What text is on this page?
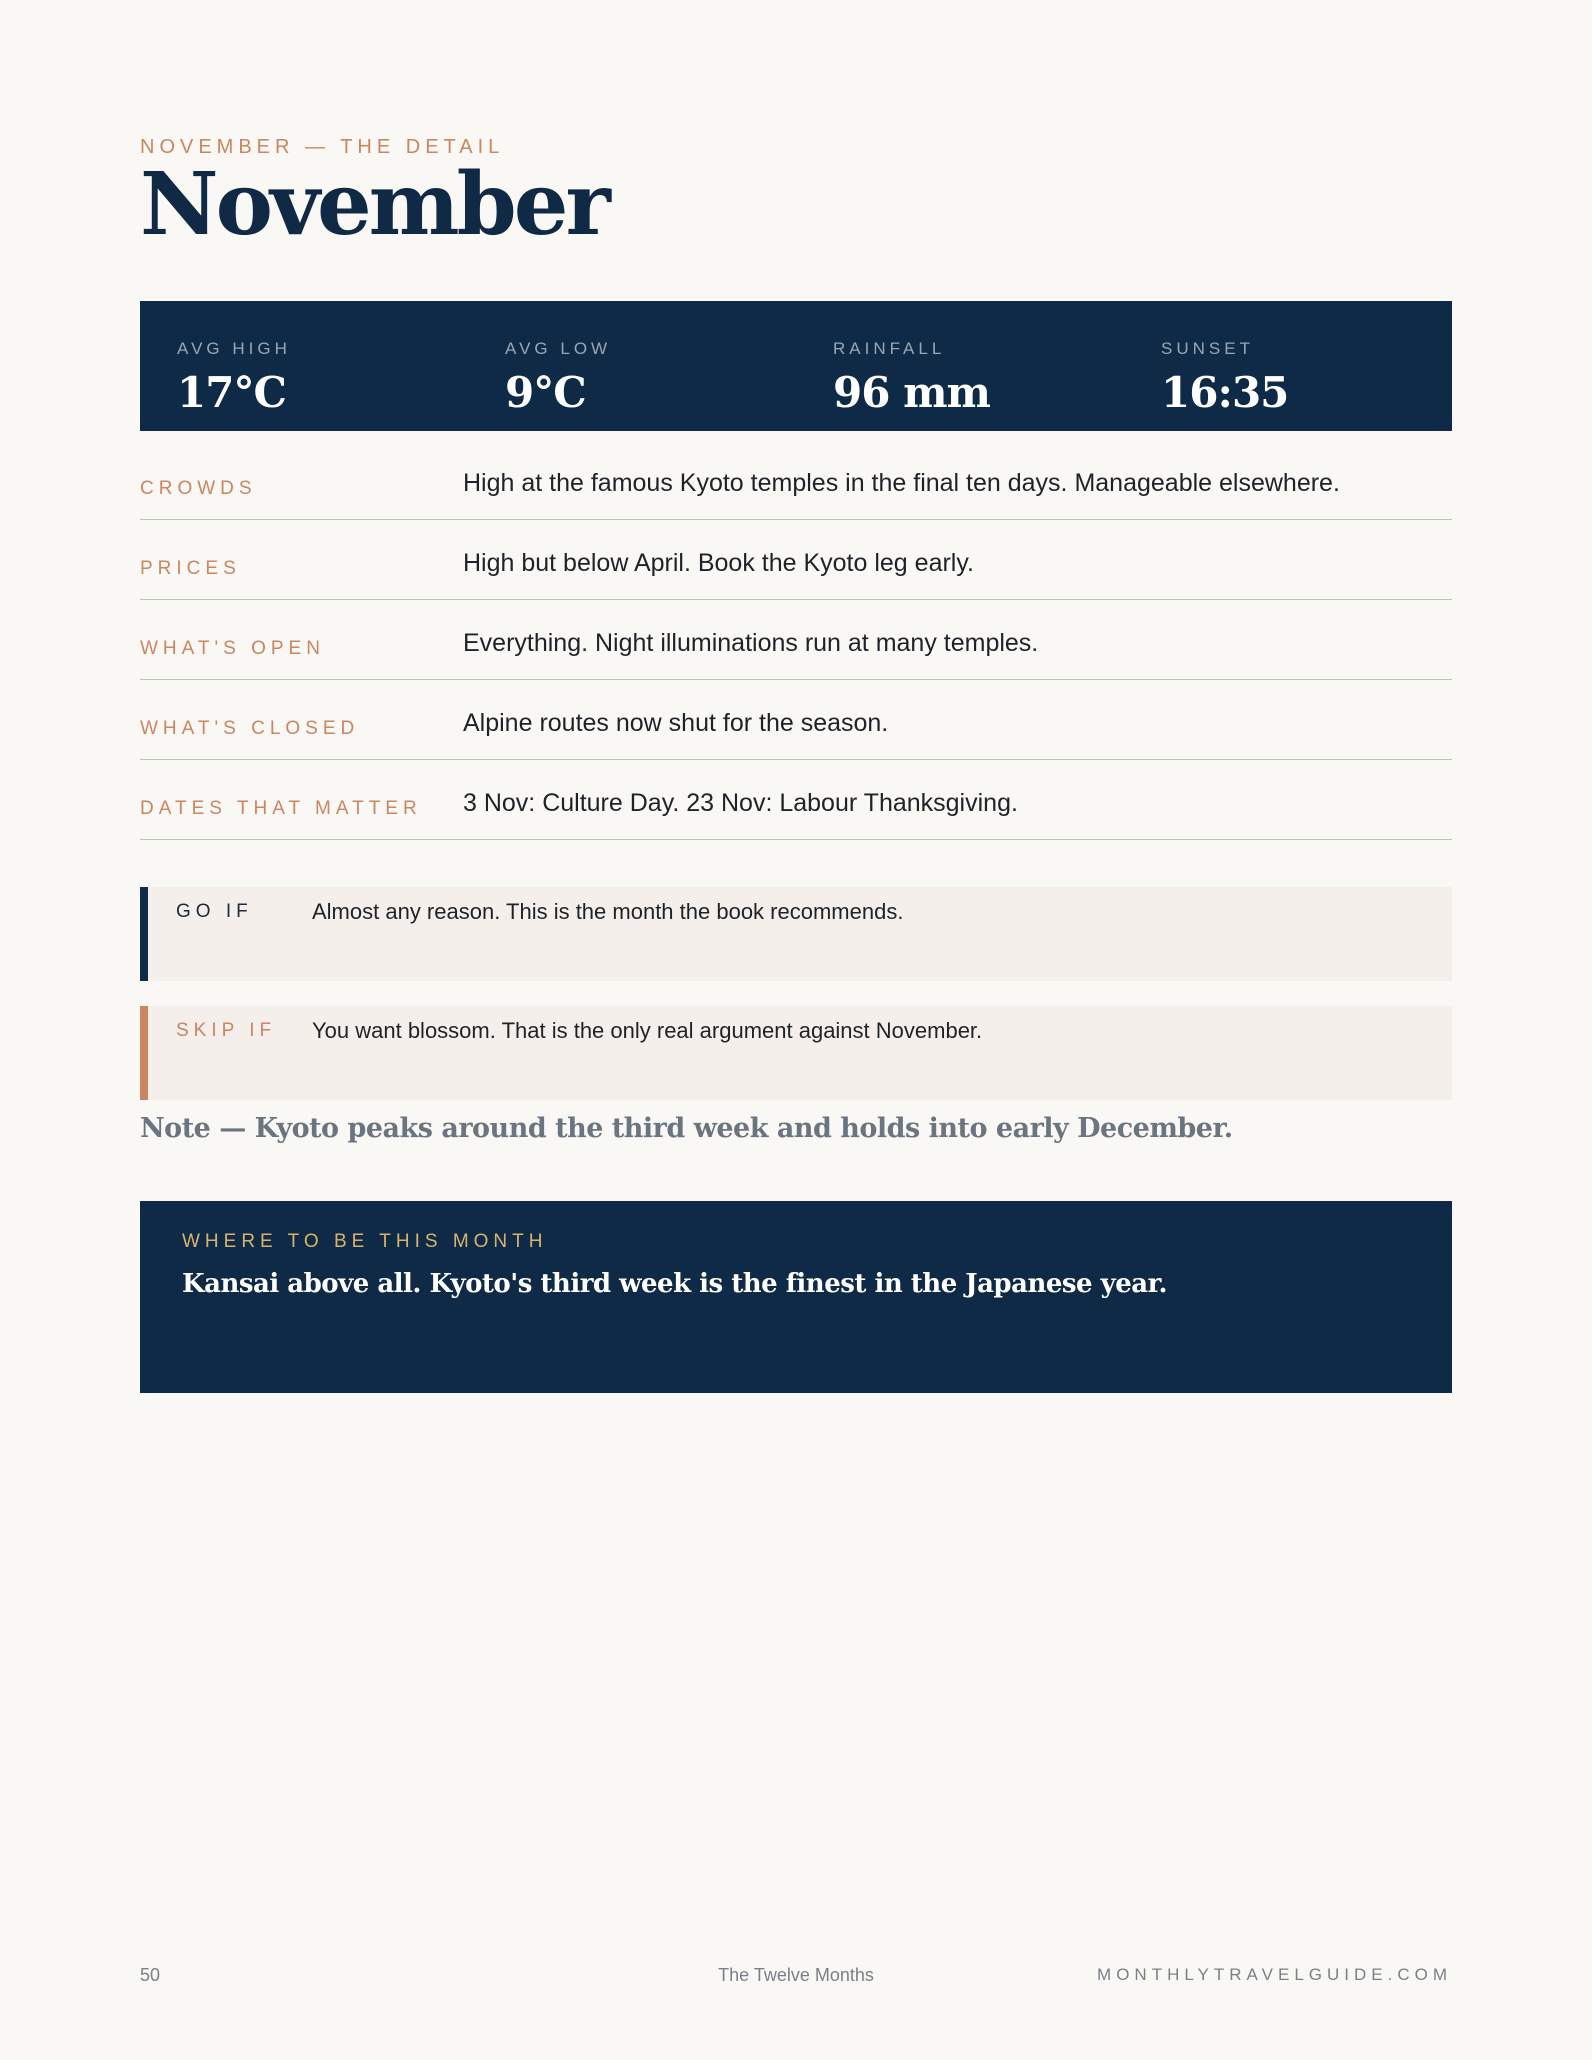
NOVEMBER — THE DETAIL
November
AVG HIGH
17°C
AVG LOW
9°C
RAINFALL
96 mm
SUNSET
16:35
CROWDS	High at the famous Kyoto temples in the final ten days. Manageable elsewhere.
PRICES	High but below April. Book the Kyoto leg early.
WHAT'S OPEN	Everything. Night illuminations run at many temples.
WHAT'S CLOSED	Alpine routes now shut for the season.
DATES THAT MATTER 3 Nov: Culture Day. 23 Nov: Labour Thanksgiving.
GO IF	Almost any reason. This is the month the book recommends.
SKIP IF You want blossom. That is the only real argument against November.
Note — Kyoto peaks around the third week and holds into early December.
WHERE TO BE THIS MONTH
Kansai above all. Kyoto's third week is the finest in the Japanese year.
50	The Twelve Months	MONTHLYTRAVELGUIDE.COM
